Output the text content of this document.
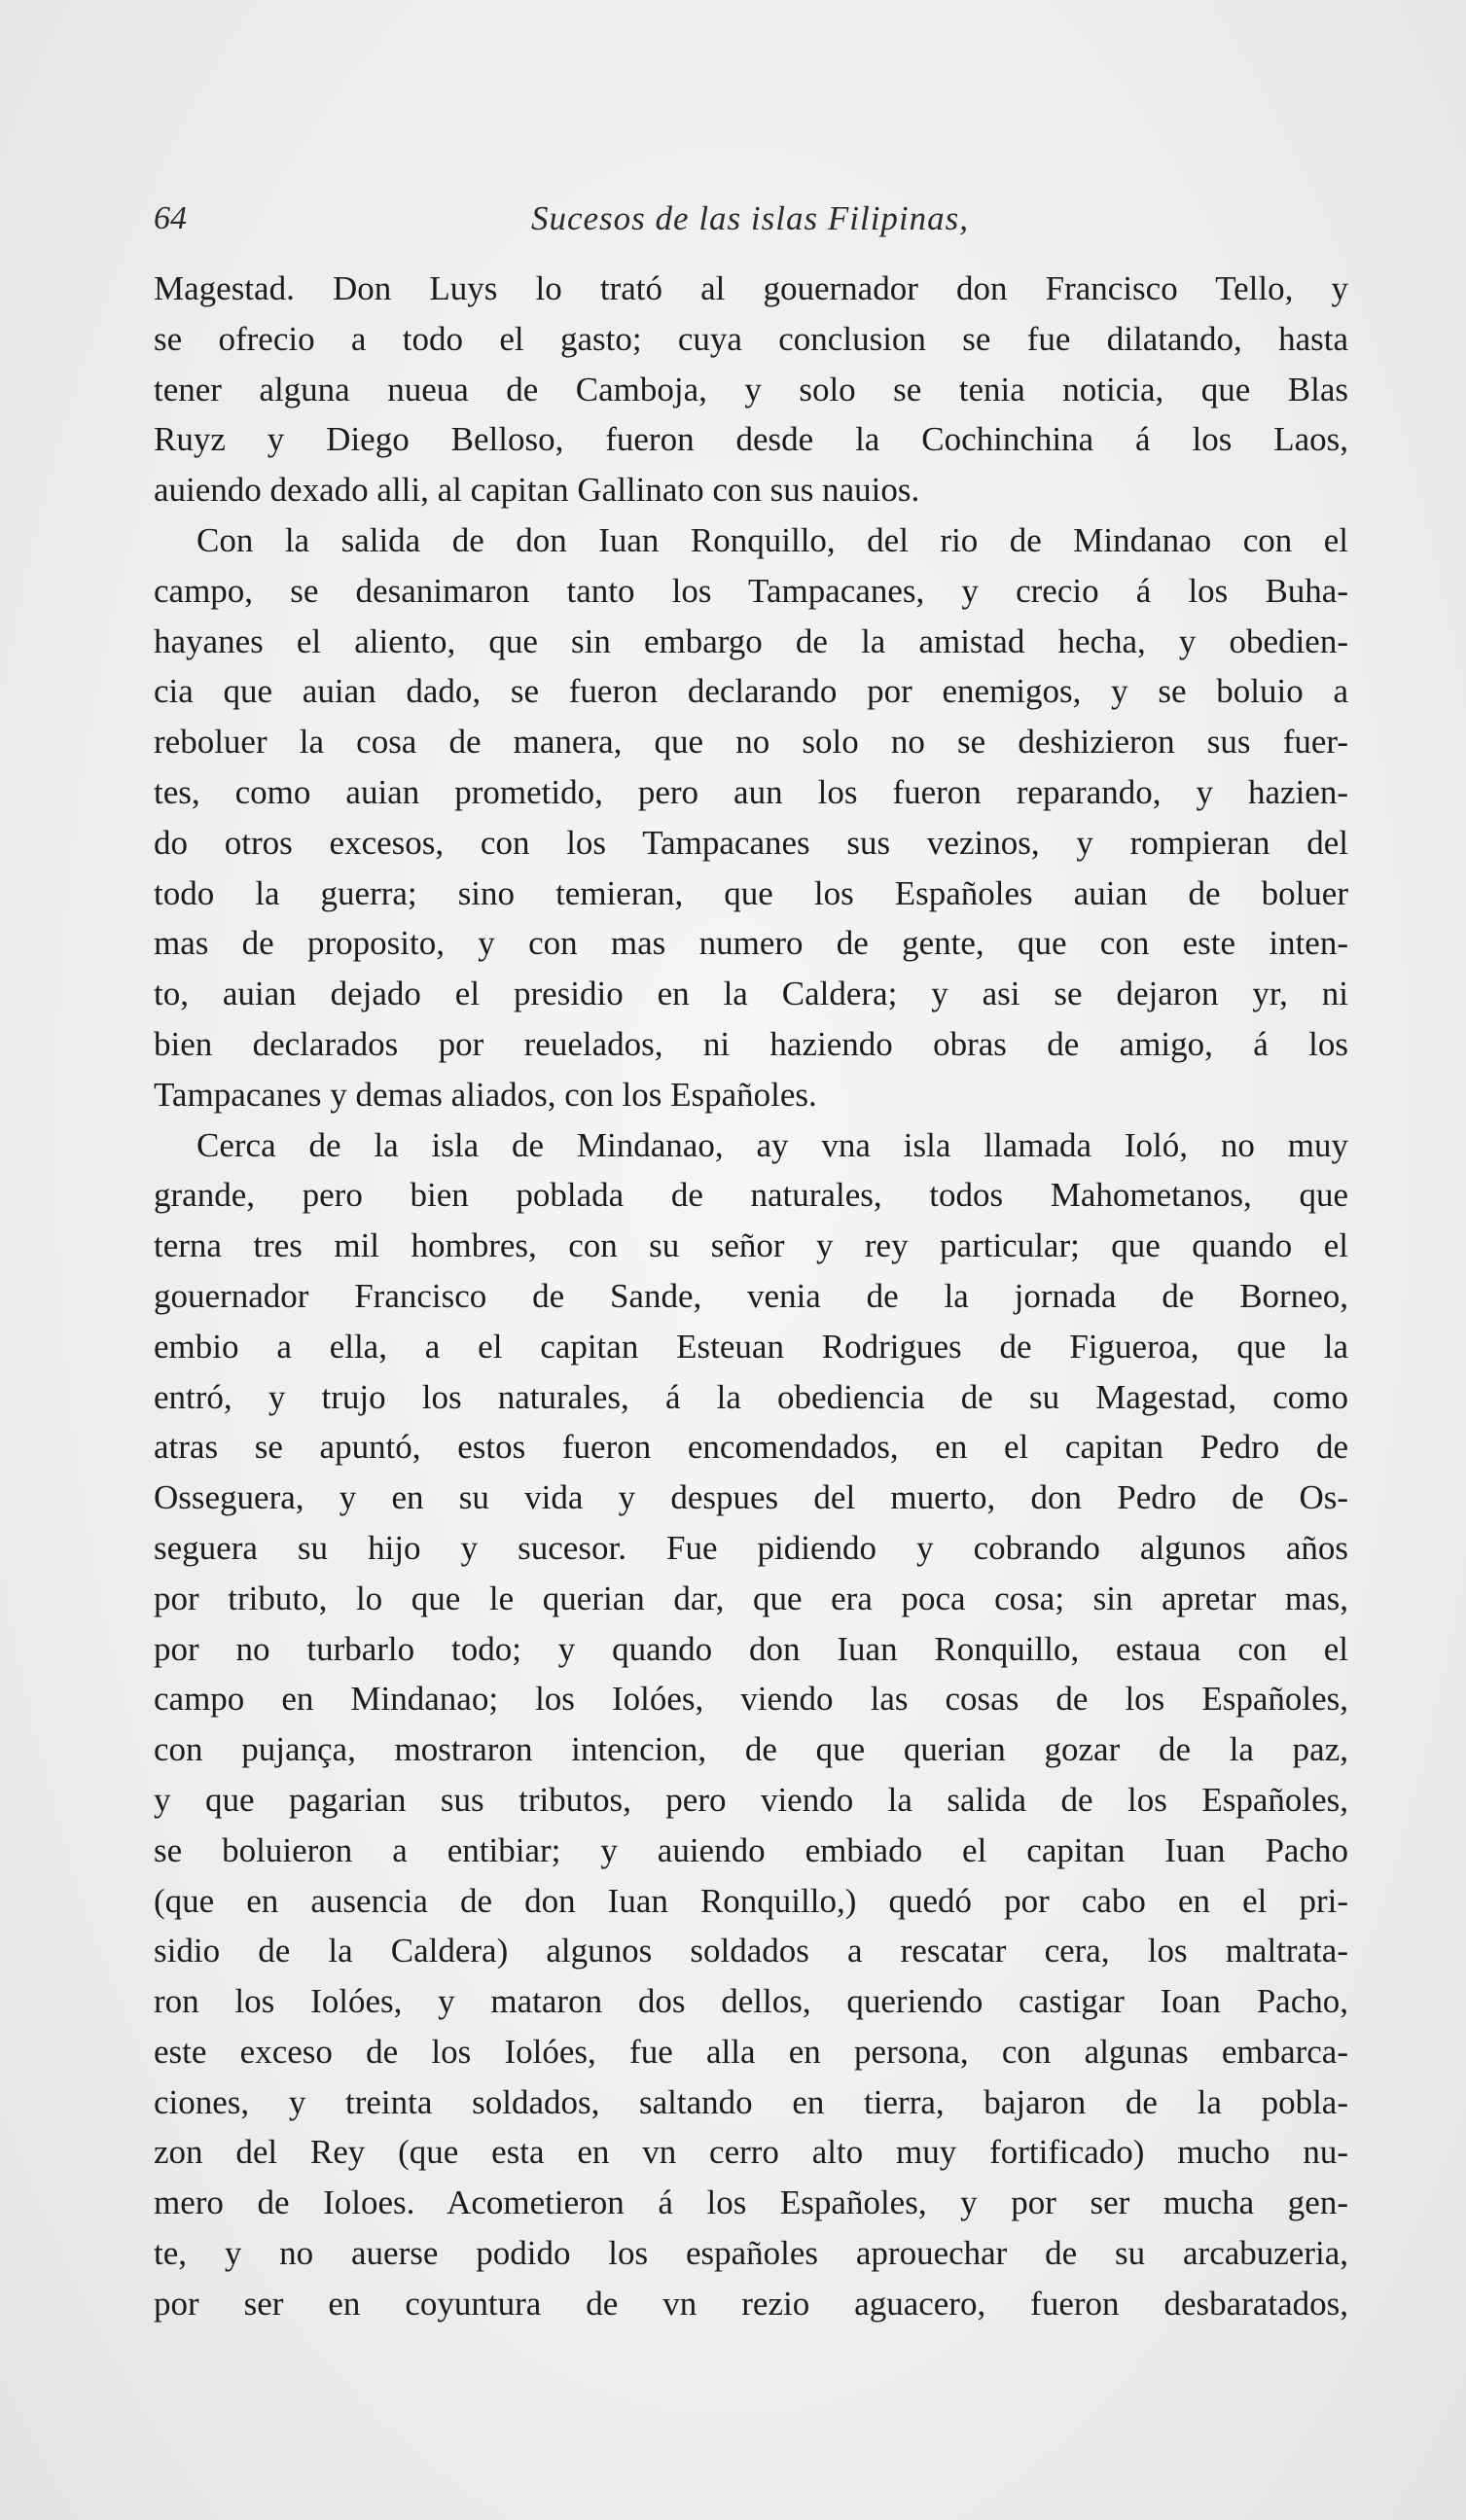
64	Sucesos de las islas Filipinas,
Magestad. Don Luys lo trató al gouernador don Francisco Tello, y
se ofrecio a todo el gasto; cuya conclusion se fue dilatando, hasta
tener alguna nueua de Camboja, y solo se tenia noticia, que Blas
Ruyz y Diego Belloso, fueron desde la Cochinchina á los Laos,
auiendo dexado alli, al capitan Gallinato con sus nauios.
Con la salida de don Iuan Ronquillo, del rio de Mindanao con el
campo, se desanimaron tanto los Tampacanes, y crecio á los Buha-
hayanes el aliento, que sin embargo de la amistad hecha, y obedien-
cia que auian dado, se fueron declarando por enemigos, y se boluio a
reboluer la cosa de manera, que no solo no se deshizieron sus fuer-
tes, como auian prometido, pero aun los fueron reparando, y hazien-
do otros excesos, con los Tampacanes sus vezinos, y rompieran del
todo la guerra; sino temieran, que los Españoles auian de boluer
mas de proposito, y con mas numero de gente, que con este inten-
to, auian dejado el presidio en la Caldera; y asi se dejaron yr, ni
bien declarados por reuelados, ni haziendo obras de amigo, á los
Tampacanes y demas aliados, con los Españoles.
Cerca de la isla de Mindanao, ay vna isla llamada Ioló, no muy
grande, pero bien poblada de naturales, todos Mahometanos, que
terna tres mil hombres, con su señor y rey particular; que quando el
gouernador Francisco de Sande, venia de la jornada de Borneo,
embio a ella, a el capitan Esteuan Rodrigues de Figueroa, que la
entró, y trujo los naturales, á la obediencia de su Magestad, como
atras se apuntó, estos fueron encomendados, en el capitan Pedro de
Osseguera, y en su vida y despues del muerto, don Pedro de Os-
seguera su hijo y sucesor. Fue pidiendo y cobrando algunos años
por tributo, lo que le querian dar, que era poca cosa; sin apretar mas,
por no turbarlo todo; y quando don Iuan Ronquillo, estaua con el
campo en Mindanao; los Iolóes, viendo las cosas de los Españoles,
con pujança, mostraron intencion, de que querian gozar de la paz,
y que pagarian sus tributos, pero viendo la salida de los Españoles,
se boluieron a entibiar; y auiendo embiado el capitan Iuan Pacho
(que en ausencia de don Iuan Ronquillo,) quedó por cabo en el pri-
sidio de la Caldera) algunos soldados a rescatar cera, los maltrata-
ron los Iolóes, y mataron dos dellos, queriendo castigar Ioan Pacho,
este exceso de los Iolóes, fue alla en persona, con algunas embarca-
ciones, y treinta soldados, saltando en tierra, bajaron de la pobla-
zon del Rey (que esta en vn cerro alto muy fortificado) mucho nu-
mero de Ioloes. Acometieron á los Españoles, y por ser mucha gen-
te, y no auerse podido los españoles aprouechar de su arcabuzeria,
por ser en coyuntura de vn rezio aguacero, fueron desbaratados,
